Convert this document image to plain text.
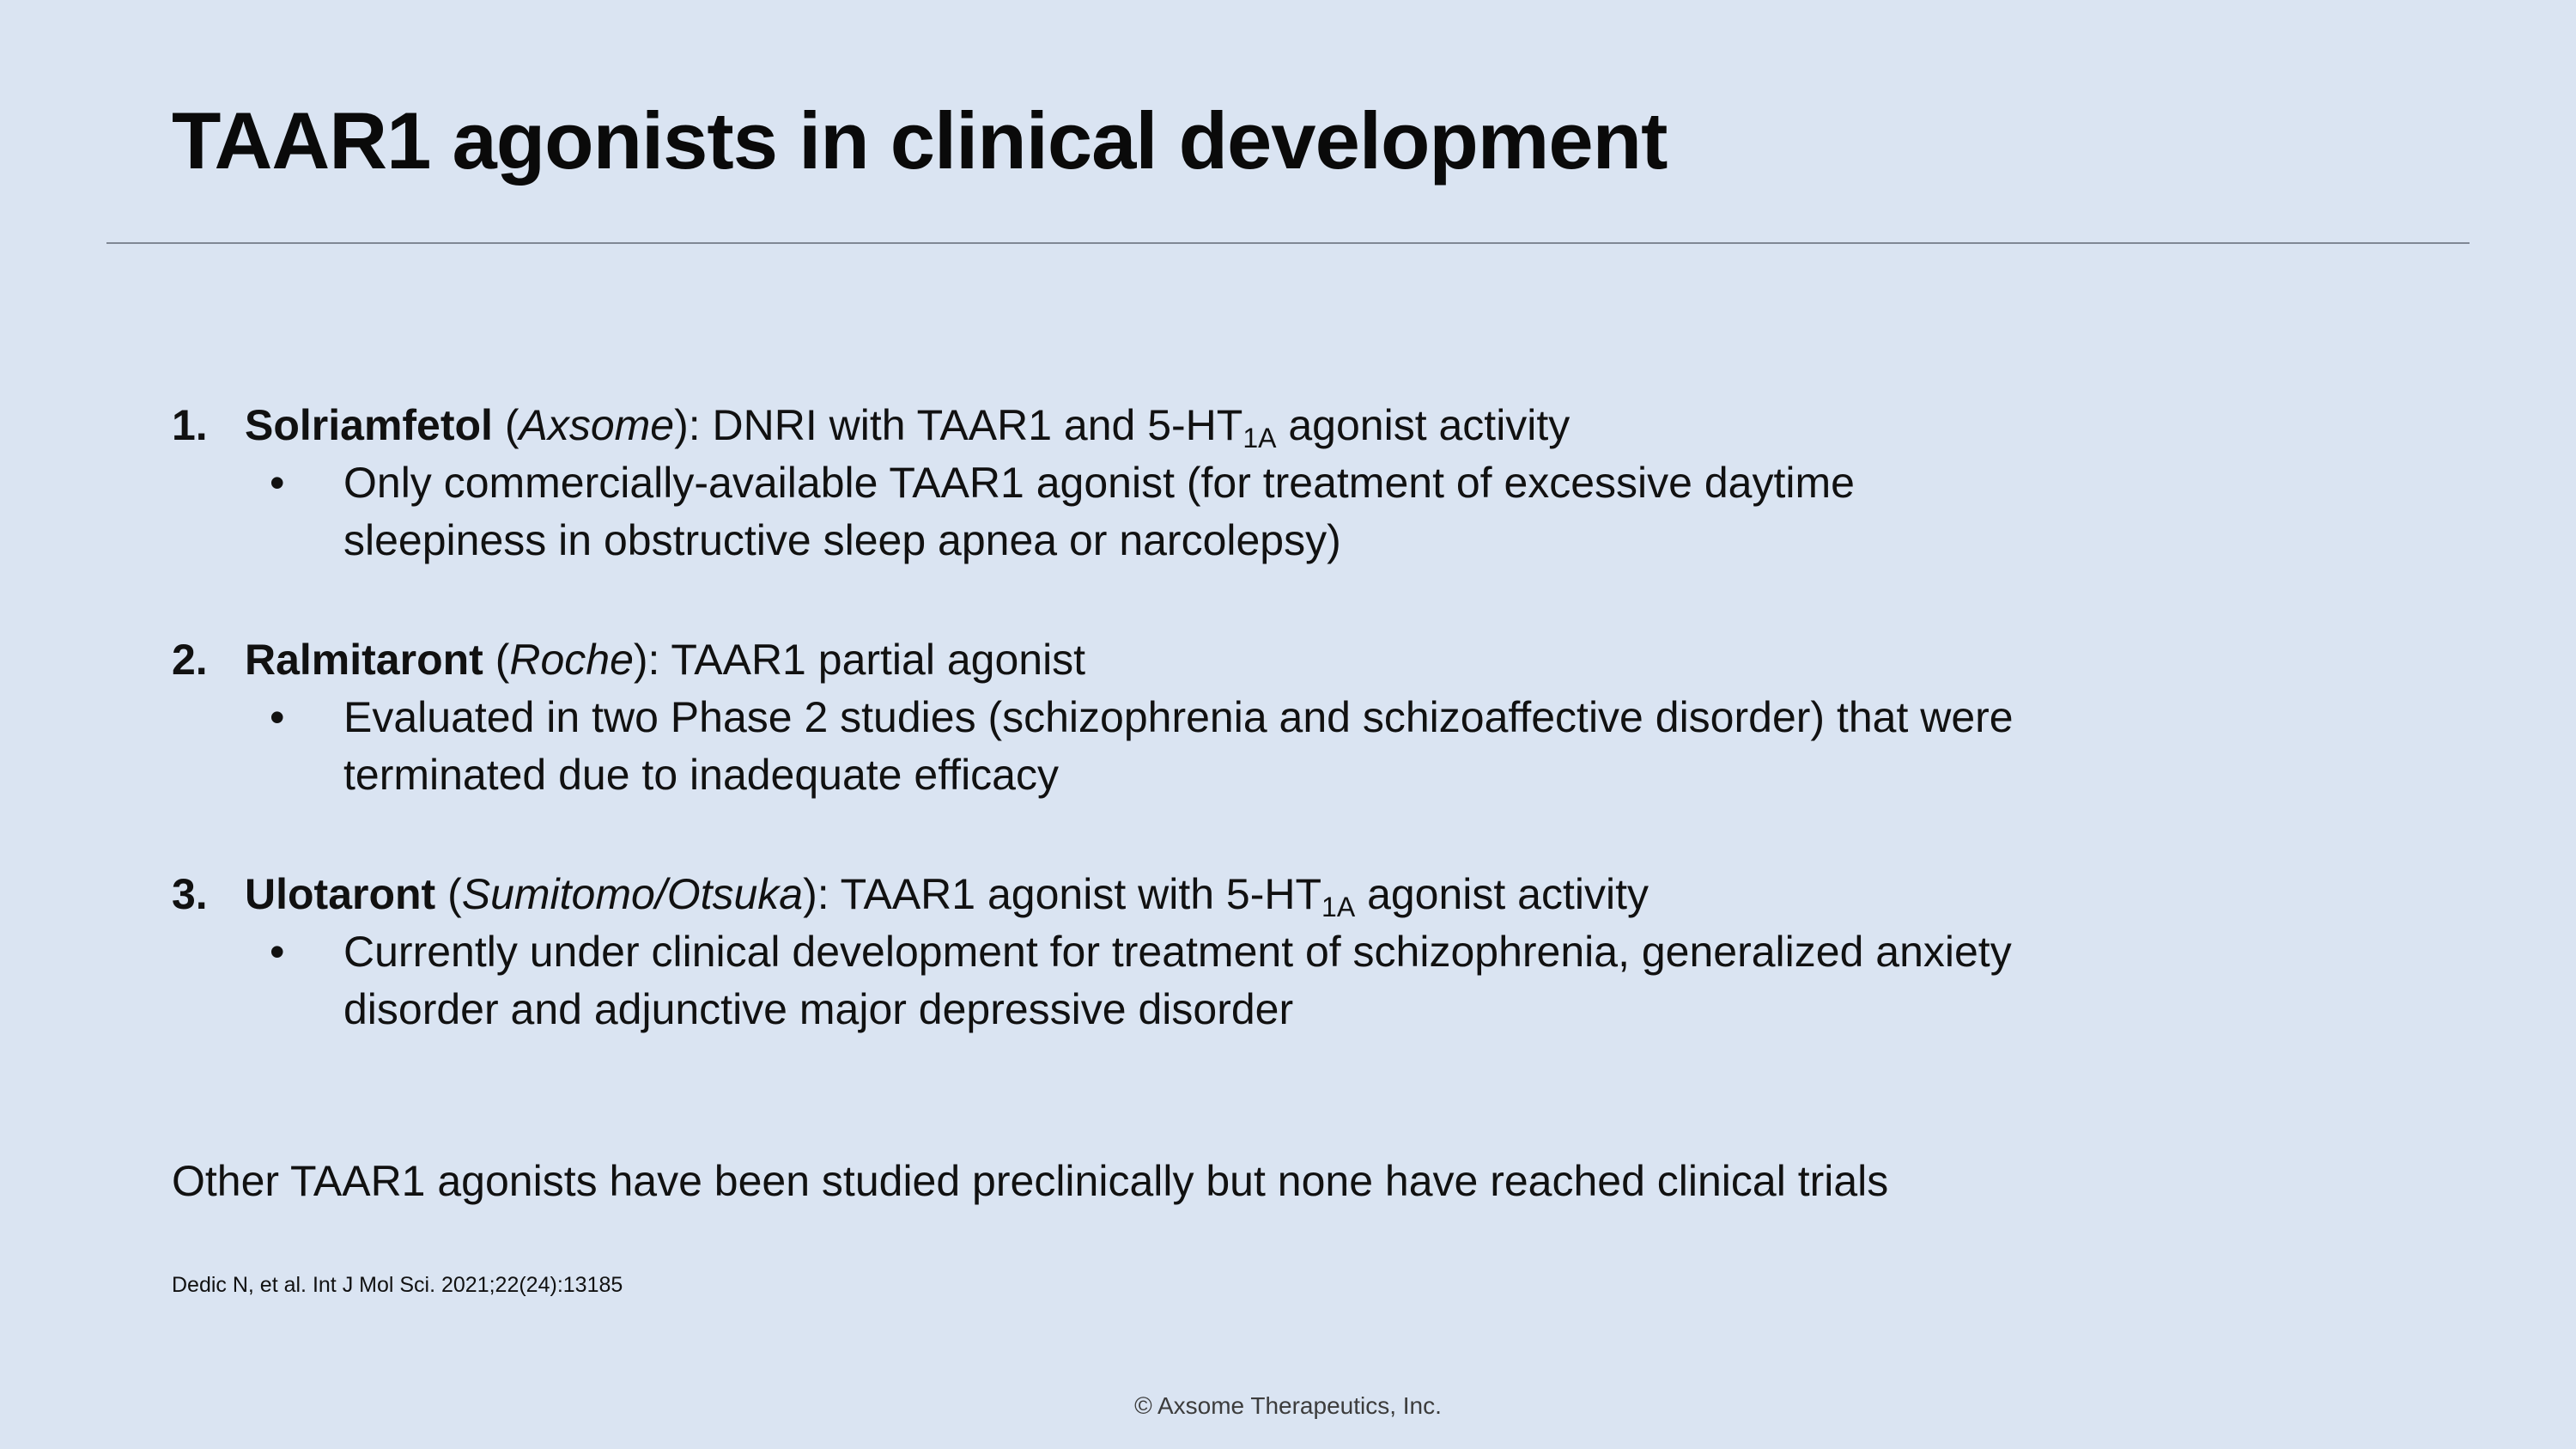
TAAR1 agonists in clinical development
1. Solriamfetol (Axsome): DNRI with TAAR1 and $5-HT_{1A}$ agonist activity
• Only commercially-available TAAR1 agonist (for treatment of excessive daytime sleepiness in obstructive sleep apnea or narcolepsy)
2. Ralmitaront (Roche): TAAR1 partial agonist
• Evaluated in two Phase 2 studies (schizophrenia and schizoaffective disorder) that were terminated due to inadequate efficacy
3. Ulotaront (Sumitomo/Otsuka): TAAR1 agonist with $5-HT_{1A}$ agonist activity
• Currently under clinical development for treatment of schizophrenia, generalized anxiety disorder and adjunctive major depressive disorder

Other TAAR1 agonists have been studied preclinically but none have reached clinical trials

Dedic N, et al. Int J Mol Sci. 2021;22(24):13185

© Axsome Therapeutics, Inc.
